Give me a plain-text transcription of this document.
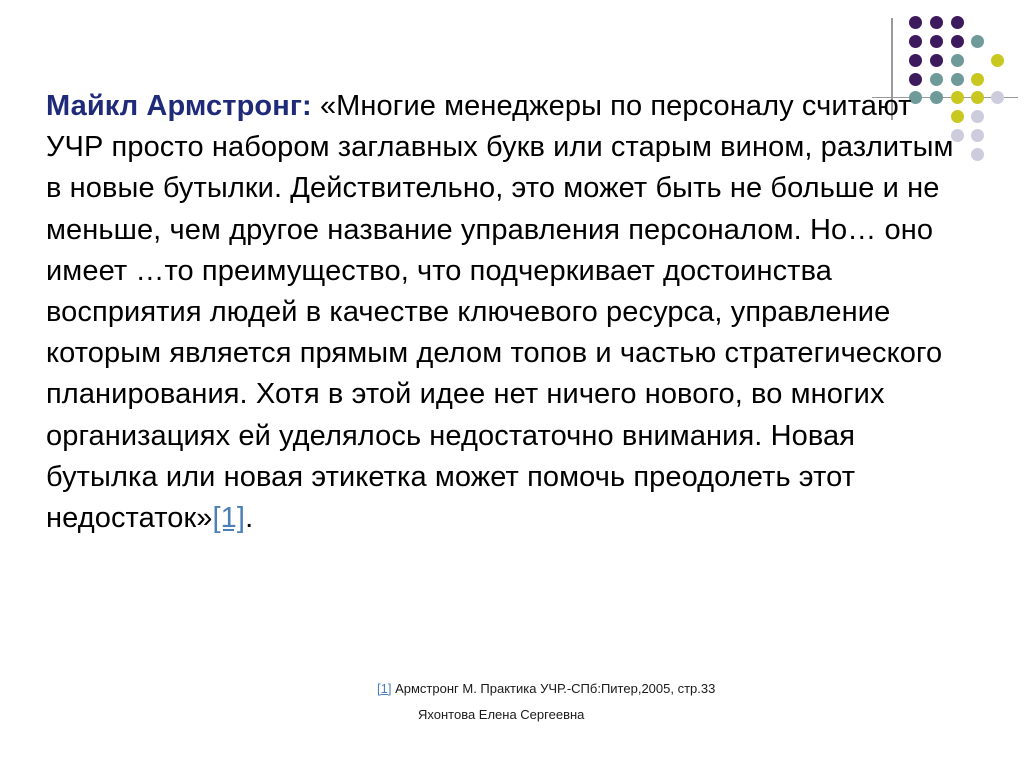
Майкл Армстронг: «Многие менеджеры по персоналу считают УЧР просто набором заглавных букв или старым вином, разлитым в новые бутылки. Действительно, это может быть не больше и не меньше, чем другое название управления персоналом. Но… оно имеет …то преимущество, что подчеркивает достоинства восприятия людей в качестве ключевого ресурса, управление которым является прямым делом топов и частью стратегического планирования. Хотя в этой идее нет ничего нового, во многих организациях ей уделялось недостаточно внимания. Новая бутылка или новая этикетка может помочь преодолеть этот недостаток»[1].

[1] Армстронг М. Практика УЧР.-СПб:Питер,2005, стр.33
Яхонтова Елена Сергеевна
